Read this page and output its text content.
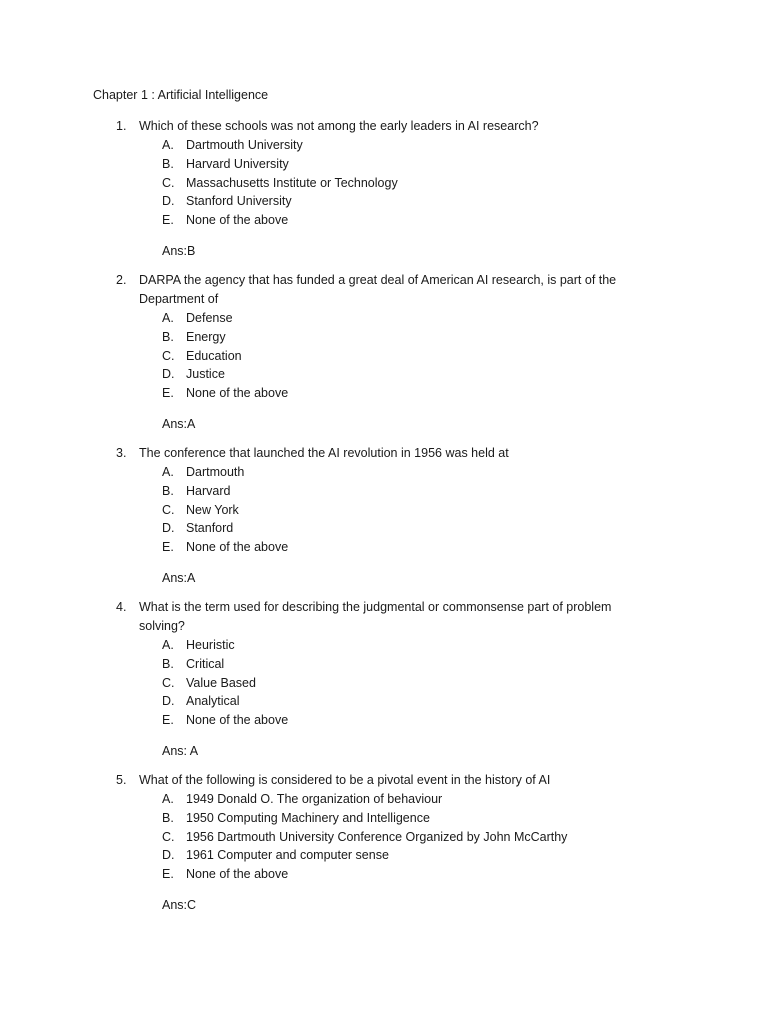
Chapter 1 : Artificial Intelligence
1. Which of these schools was not among the early leaders in AI research?
A. Dartmouth University
B. Harvard University
C. Massachusetts Institute or Technology
D. Stanford University
E. None of the above
Ans:B
2. DARPA the agency that has funded a great deal of American AI research, is part of the Department of
A. Defense
B. Energy
C. Education
D. Justice
E. None of the above
Ans:A
3. The conference that launched the AI revolution in 1956 was held at
A. Dartmouth
B. Harvard
C. New York
D. Stanford
E. None of the above
Ans:A
4. What is the term used for describing the judgmental or commonsense part of problem solving?
A. Heuristic
B. Critical
C. Value Based
D. Analytical
E. None of the above
Ans: A
5. What of the following is considered to be a pivotal event in the history of AI
A. 1949 Donald O. The organization of behaviour
B. 1950 Computing Machinery and Intelligence
C. 1956 Dartmouth University Conference Organized by John McCarthy
D. 1961 Computer and computer sense
E. None of the above
Ans:C
